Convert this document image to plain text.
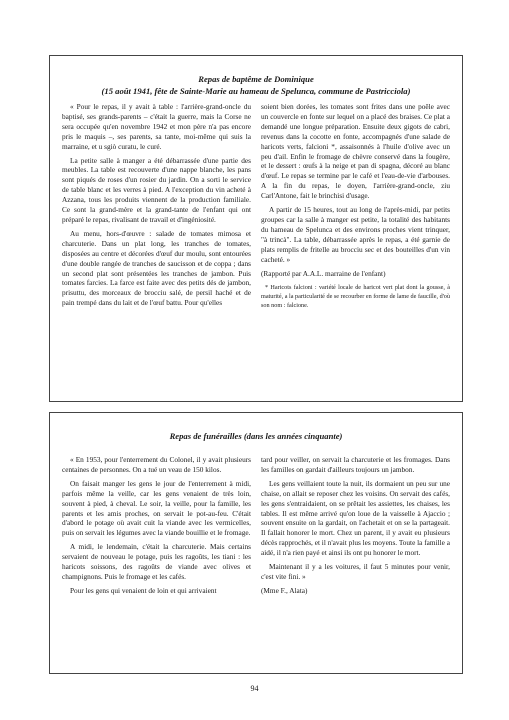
Repas de baptême de Dominique

(15 août 1941, fête de Sainte-Marie au hameau de Spelunca, commune de Pastricciola)

« Pour le repas, il y avait à table : l'arrière-grand-oncle du baptisé, ses grands-parents – c'était la guerre, mais la Corse ne sera occupée qu'en novembre 1942 et mon père n'a pas encore pris le maquis –, ses parents, sa tante, moi-même qui suis la marraine, et u sgiò curatu, le curé.

La petite salle à manger a été débarrassée d'une partie des meubles. La table est recouverte d'une nappe blanche, les pans sont piqués de roses d'un rosier du jardin. On a sorti le service de table blanc et les verres à pied. A l'exception du vin acheté à Azzana, tous les produits viennent de la production familiale. Ce sont la grand-mère et la grand-tante de l'enfant qui ont préparé le repas, rivalisant de travail et d'ingéniosité.

Au menu, hors-d'œuvre : salade de tomates mimosa et charcuterie. Dans un plat long, les tranches de tomates, disposées au centre et décorées d'œuf dur moulu, sont entourées d'une double rangée de tranches de saucisson et de coppa ; dans un second plat sont présentées les tranches de jambon. Puis tomates farcies. La farce est faite avec des petits dés de jambon, prisuttu, des morceaux de brocciu salé, de persil haché et de pain trempé dans du lait et de l'œuf battu. Pour qu'elles

soient bien dorées, les tomates sont frites dans une poêle avec un couvercle en fonte sur lequel on a placé des braises. Ce plat a demandé une longue préparation. Ensuite deux gigots de cabri, revenus dans la cocotte en fonte, accompagnés d'une salade de haricots verts, falcioni *, assaisonnés à l'huile d'olive avec un peu d'ail. Enfin le fromage de chèvre conservé dans la fougère, et le dessert : œufs à la neige et pan di spagna, décoré au blanc d'œuf. Le repas se termine par le café et l'eau-de-vie d'arbouses. A la fin du repas, le doyen, l'arrière-grand-oncle, ziu Carl'Antone, fait le brinchisi d'usage.

A partir de 15 heures, tout au long de l'après-midi, par petits groupes car la salle à manger est petite, la totalité des habitants du hameau de Spelunca et des environs proches vient trinquer, "à trincà". La table, débarrassée après le repas, a été garnie de plats remplis de fritelle au brocciu sec et des bouteilles d'un vin cacheté. »

(Rapporté par A.A.L. marraine de l'enfant)

* Haricots falcioni : variété locale de haricot vert plat dont la gousse, à maturité, a la particularité de se recourber en forme de lame de faucille, d'où son nom : falcione.

Repas de funérailles (dans les années cinquante)

« En 1953, pour l'enterrement du Colonel, il y avait plusieurs centaines de personnes. On a tué un veau de 150 kilos.

On faisait manger les gens le jour de l'enterrement à midi, parfois même la veille, car les gens venaient de très loin, souvent à pied, à cheval. Le soir, la veille, pour la famille, les parents et les amis proches, on servait le pot-au-feu. C'était d'abord le potage où avait cuit la viande avec les vermicelles, puis on servait les légumes avec la viande bouillie et le fromage.

A midi, le lendemain, c'était la charcuterie. Mais certains servaient de nouveau le potage, puis les ragoûts, les tiani : les haricots soissons, des ragoûts de viande avec olives et champignons. Puis le fromage et les cafés.

Pour les gens qui venaient de loin et qui arrivaient

tard pour veiller, on servait la charcuterie et les fromages. Dans les familles on gardait d'ailleurs toujours un jambon.

Les gens veillaient toute la nuit, ils dormaient un peu sur une chaise, on allait se reposer chez les voisins. On servait des cafés, les gens s'entraidaient, on se prêtait les assiettes, les chaises, les tables. Il est même arrivé qu'on loue de la vaisselle à Ajaccio ; souvent ensuite on la gardait, on l'achetait et on se la partageait. Il fallait honorer le mort. Chez un parent, il y avait eu plusieurs décès rapprochés, et il n'avait plus les moyens. Toute la famille a aidé, il n'a rien payé et ainsi ils ont pu honorer le mort.

Maintenant il y a les voitures, il faut 5 minutes pour venir, c'est vite fini. »

(Mme F., Alata)

94
